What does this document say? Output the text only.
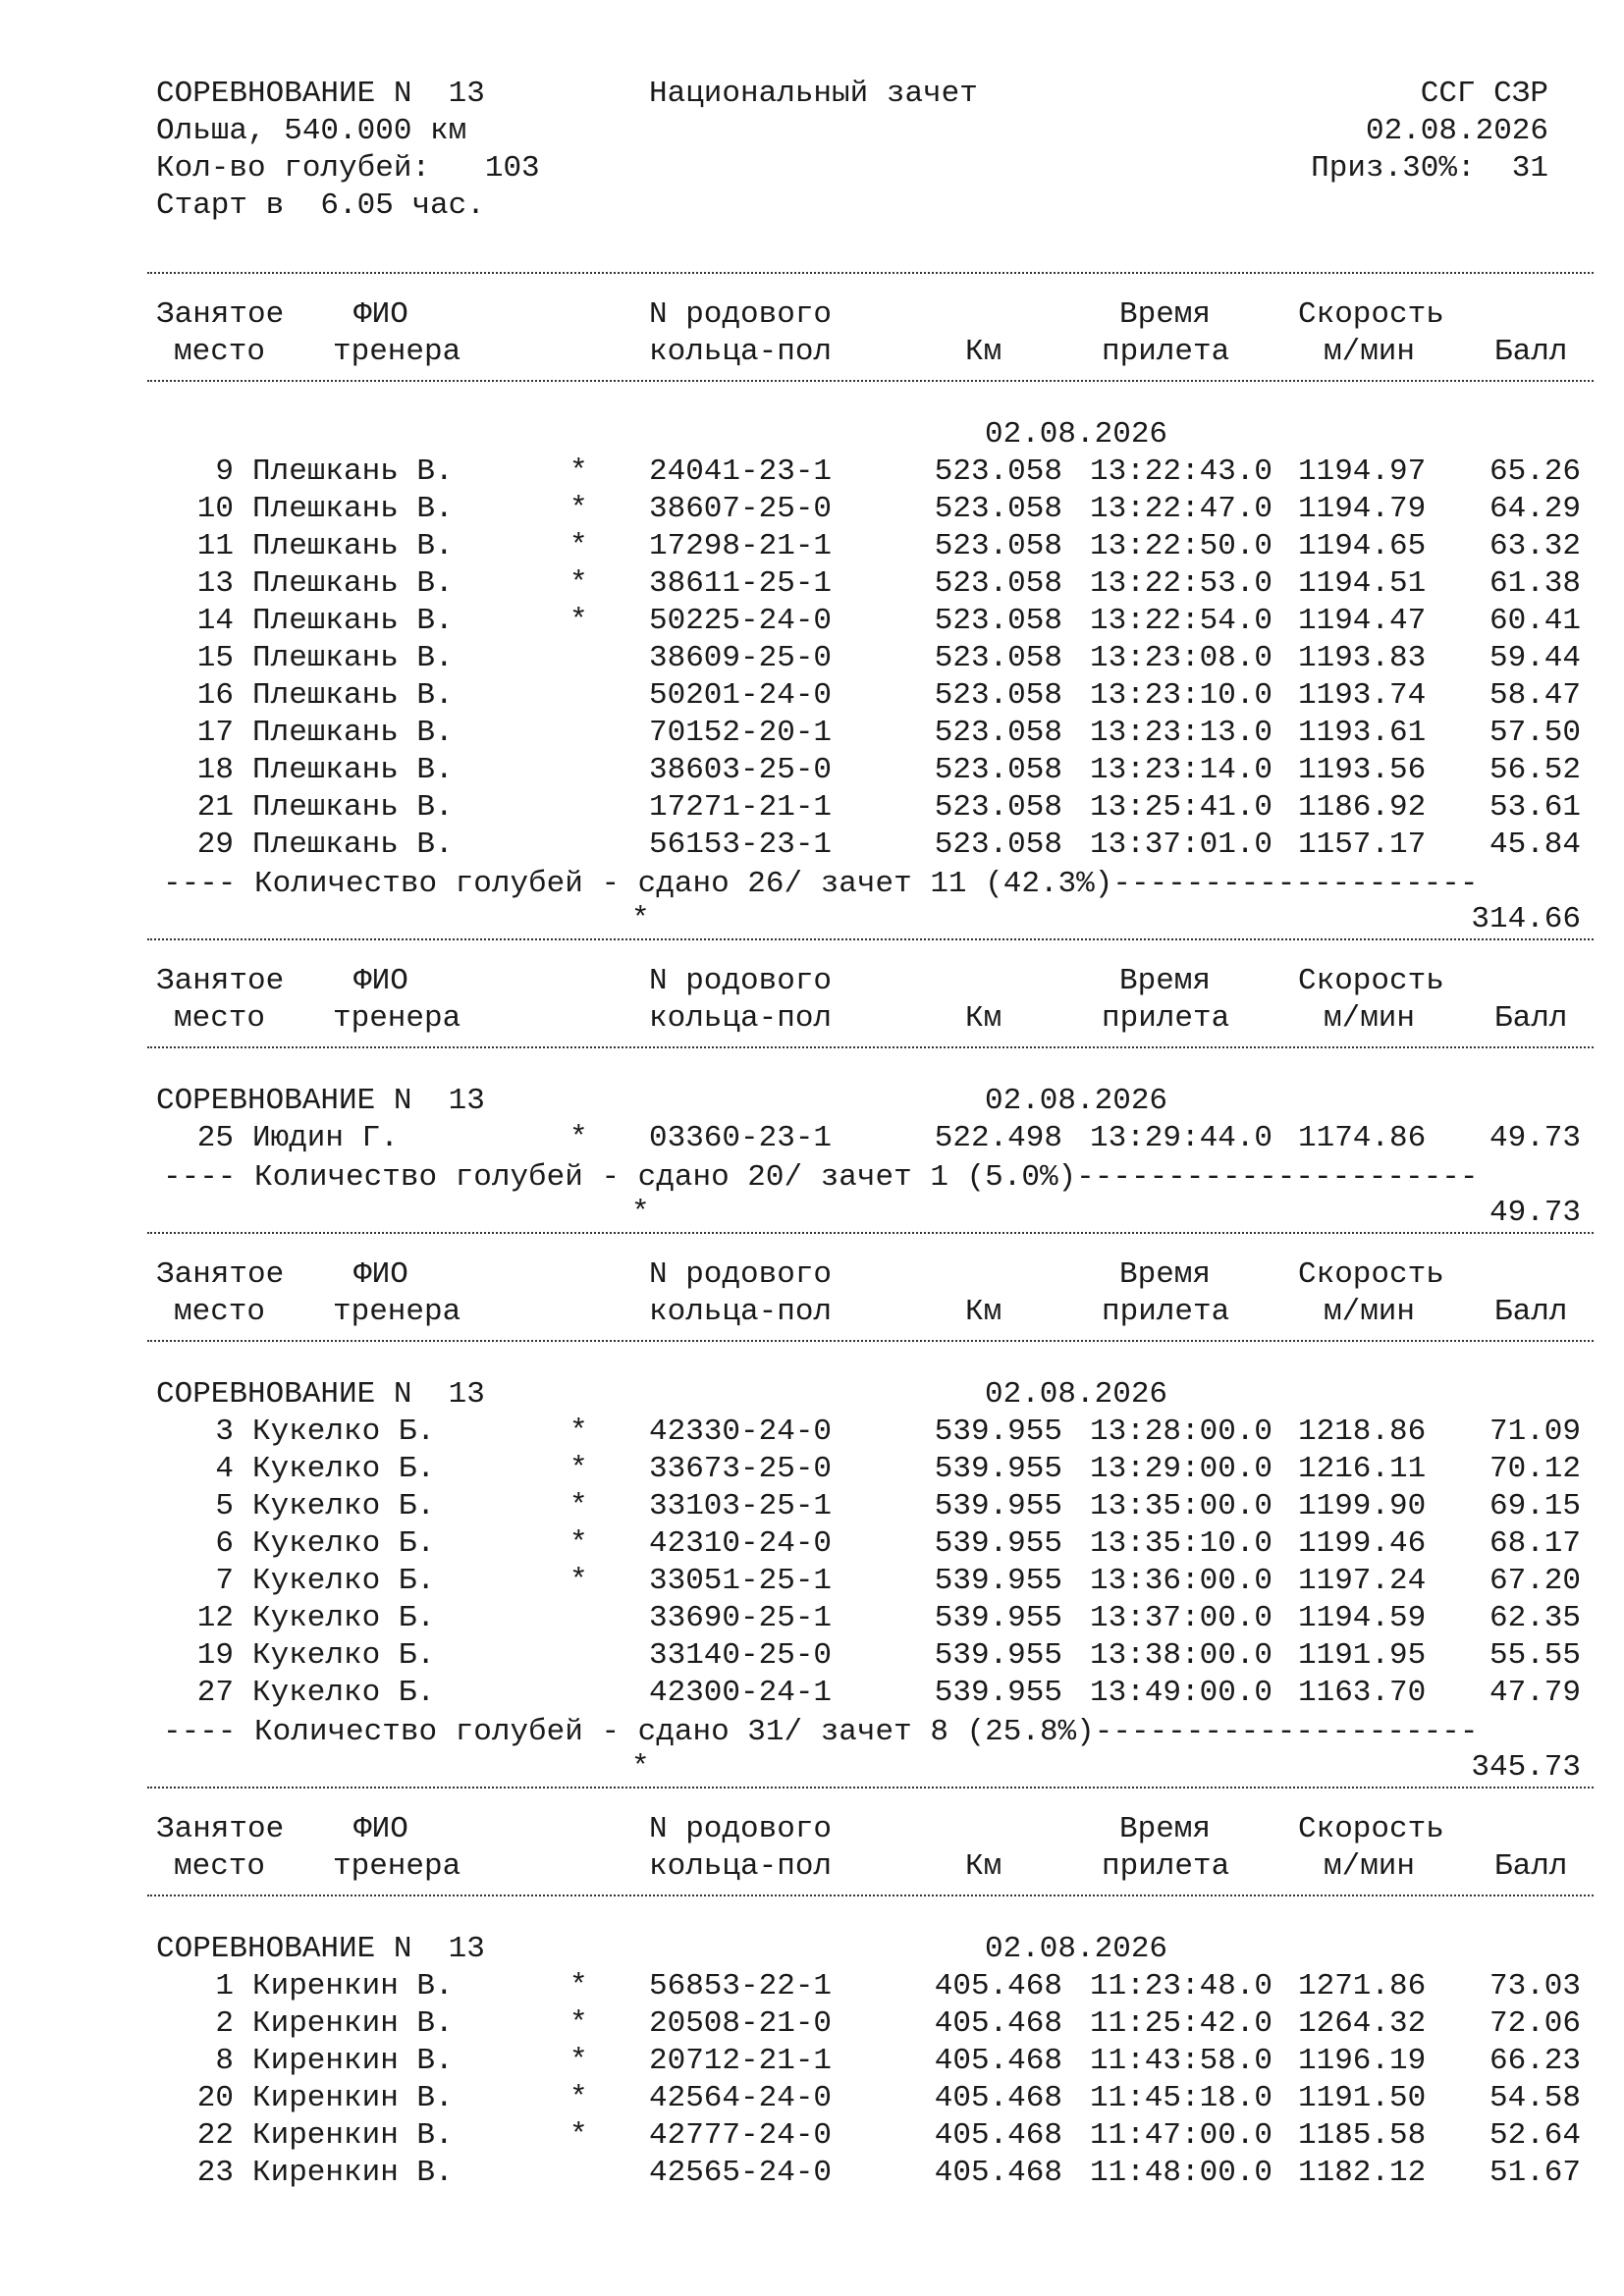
СОРЕВНОВАНИЕ N  13	Национальный зачет	ССГ СЗР
Ольша, 540.000 км	02.08.2026
Кол-во голубей:   103	Приз.30%:  31
Старт в  6.05 час.
Занятое ФИО	N родового	Время	Скорость
место тренера	кольца-пол	Км	прилета	м/мин	Балл
02.08.2026
9 Плешкань В.	* 24041-23-1	523.058 13:22:43.0 1194.97	65.26
10 Плешкань В.	* 38607-25-0	523.058 13:22:47.0 1194.79	64.29
11 Плешкань В.	* 17298-21-1	523.058 13:22:50.0 1194.65	63.32
13 Плешкань В.	* 38611-25-1	523.058 13:22:53.0 1194.51	61.38
14 Плешкань В.	* 50225-24-0	523.058 13:22:54.0 1194.47	60.41
15 Плешкань В.	38609-25-0	523.058 13:23:08.0 1193.83	59.44
16 Плешкань В.	50201-24-0	523.058 13:23:10.0 1193.74	58.47
17 Плешкань В.	70152-20-1	523.058 13:23:13.0 1193.61	57.50
18 Плешкань В.	38603-25-0	523.058 13:23:14.0 1193.56	56.52
21 Плешкань В.	17271-21-1	523.058 13:25:41.0 1186.92	53.61
29 Плешкань В.	56153-23-1	523.058 13:37:01.0 1157.17	45.84
---- Количество голубей - сдано 26/ зачет 11 (42.3%)--------------------
*	314.66
Занятое ФИО	N родового	Время	Скорость
место тренера	кольца-пол	Км	прилета	м/мин	Балл
СОРЕВНОВАНИЕ N  13	02.08.2026
25 Июдин Г.	* 03360-23-1	522.498 13:29:44.0 1174.86	49.73
---- Количество голубей - сдано 20/ зачет 1 (5.0%)----------------------
*	49.73
Занятое ФИО	N родового	Время	Скорость
место тренера	кольца-пол	Км	прилета	м/мин	Балл
СОРЕВНОВАНИЕ N  13	02.08.2026
3 Кукелко Б.	* 42330-24-0	539.955 13:28:00.0 1218.86	71.09
4 Кукелко Б.	* 33673-25-0	539.955 13:29:00.0 1216.11	70.12
5 Кукелко Б.	* 33103-25-1	539.955 13:35:00.0 1199.90	69.15
6 Кукелко Б.	* 42310-24-0	539.955 13:35:10.0 1199.46	68.17
7 Кукелко Б.	* 33051-25-1	539.955 13:36:00.0 1197.24	67.20
12 Кукелко Б.	33690-25-1	539.955 13:37:00.0 1194.59	62.35
19 Кукелко Б.	33140-25-0	539.955 13:38:00.0 1191.95	55.55
27 Кукелко Б.	42300-24-1	539.955 13:49:00.0 1163.70	47.79
---- Количество голубей - сдано 31/ зачет 8 (25.8%)---------------------
*	345.73
Занятое ФИО	N родового	Время	Скорость
место тренера	кольца-пол	Км	прилета	м/мин	Балл
СОРЕВНОВАНИЕ N  13	02.08.2026
1 Киренкин В.	* 56853-22-1	405.468 11:23:48.0 1271.86	73.03
2 Киренкин В.	* 20508-21-0	405.468 11:25:42.0 1264.32	72.06
8 Киренкин В.	* 20712-21-1	405.468 11:43:58.0 1196.19	66.23
20 Киренкин В.	* 42564-24-0	405.468 11:45:18.0 1191.50	54.58
22 Киренкин В.	* 42777-24-0	405.468 11:47:00.0 1185.58	52.64
23 Киренкин В.	42565-24-0	405.468 11:48:00.0 1182.12	51.67
